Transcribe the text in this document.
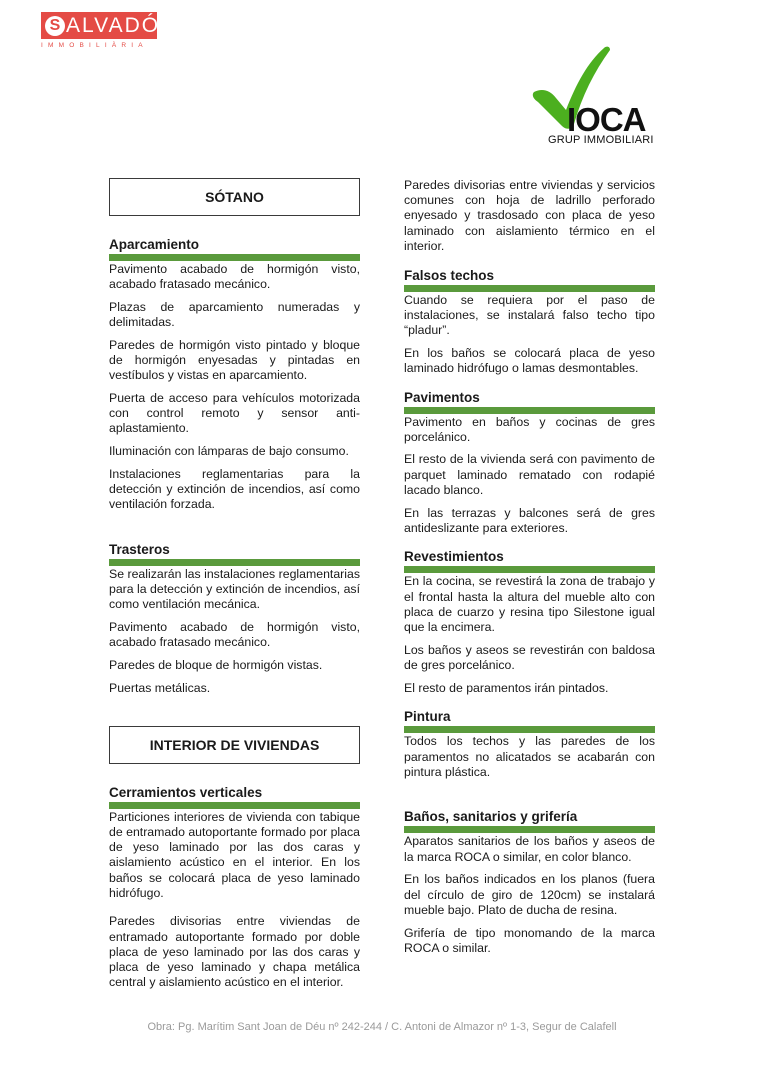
S ALVADÓ
IMMOBILIÀRIA
IOCA
GRUP IMMOBILIARI
SÓTANO
Aparcamiento

Pavimento acabado de hormigón visto, acabado fratasado mecánico.

Plazas de aparcamiento numeradas y delimitadas.

Paredes de hormigón visto pintado y bloque de hormigón enyesadas y pintadas en vestíbulos y vistas en aparcamiento.

Puerta de acceso para vehículos motorizada con control remoto y sensor anti-aplastamiento.

Iluminación con lámparas de bajo consumo.

Instalaciones reglamentarias para la detección y extinción de incendios, así como ventilación forzada.

Trasteros

Se realizarán las instalaciones reglamentarias para la detección y extinción de incendios, así como ventilación mecánica.

Pavimento acabado de hormigón visto, acabado fratasado mecánico.

Paredes de bloque de hormigón vistas.

Puertas metálicas.

INTERIOR DE VIVIENDAS
Cerramientos verticales

Particiones interiores de vivienda con tabique de entramado autoportante formado por placa de yeso laminado por las dos caras y aislamiento acústico en el interior. En los baños se colocará placa de yeso laminado hidrófugo.

Paredes divisorias entre viviendas de entramado autoportante formado por doble placa de yeso laminado por las dos caras y placa de yeso laminado y chapa metálica central y aislamiento acústico en el interior.

Paredes divisorias entre viviendas y servicios comunes con hoja de ladrillo perforado enyesado y trasdosado con placa de yeso laminado con aislamiento térmico en el interior.

Falsos techos

Cuando se requiera por el paso de instalaciones, se instalará falso techo tipo “pladur”.

En los baños se colocará placa de yeso laminado hidrófugo o lamas desmontables.

Pavimentos

Pavimento en baños y cocinas de gres porcelánico.

El resto de la vivienda será con pavimento de parquet laminado rematado con rodapié lacado blanco.

En las terrazas y balcones será de gres antideslizante para exteriores.

Revestimientos

En la cocina, se revestirá la zona de trabajo y el frontal hasta la altura del mueble alto con placa de cuarzo y resina tipo Silestone igual que la encimera.

Los baños y aseos se revestirán con baldosa de gres porcelánico.

El resto de paramentos irán pintados.

Pintura

Todos los techos y las paredes de los paramentos no alicatados se acabarán con pintura plástica.

Baños, sanitarios y grifería

Aparatos sanitarios de los baños y aseos de la marca ROCA o similar, en color blanco.

En los baños indicados en los planos (fuera del círculo de giro de 120cm) se instalará mueble bajo. Plato de ducha de resina.

Grifería de tipo monomando de la marca ROCA o similar.

Obra: Pg. Marítim Sant Joan de Déu nº 242-244 / C. Antoni de Almazor nº 1-3, Segur de Calafell
